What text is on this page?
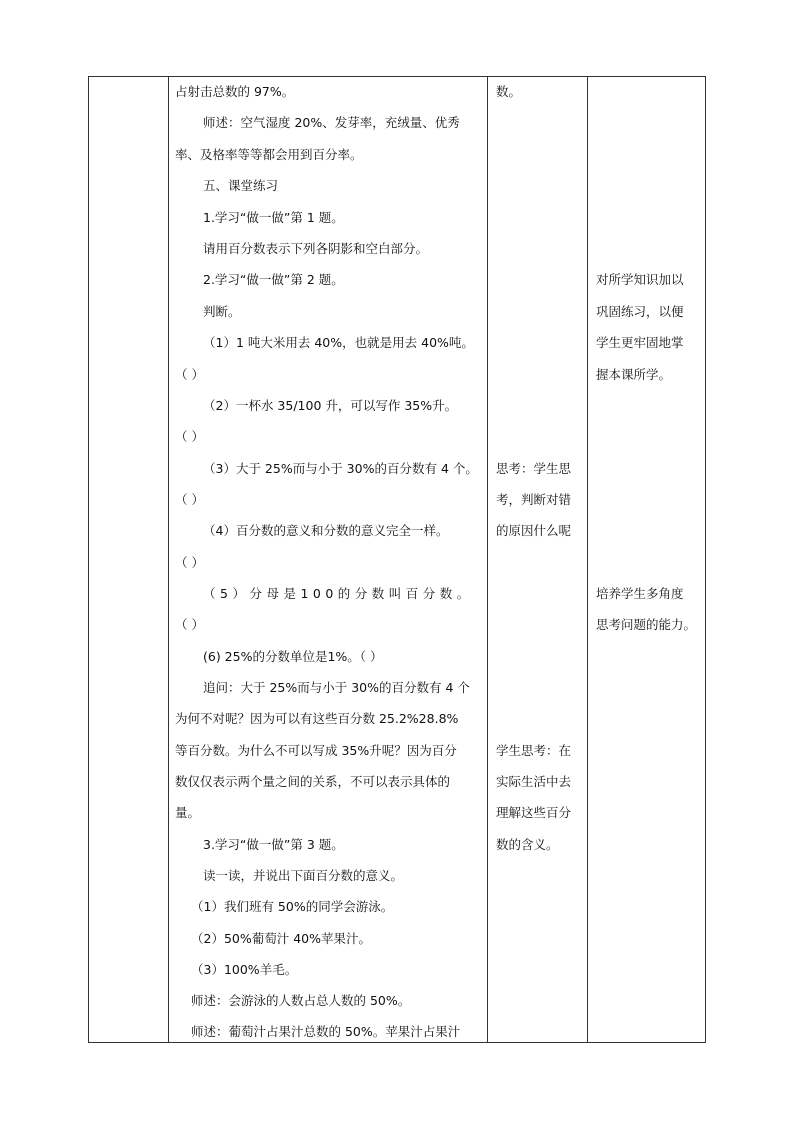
占射击总数的 97%。
师述：空气湿度 20%、发芽率，充绒量、优秀
率、及格率等等都会用到百分率。
五、课堂练习
1.学习“做一做”第 1 题。
请用百分数表示下列各阴影和空白部分。
2.学习“做一做”第 2 题。
判断。
（1）1 吨大米用去 40%，也就是用去 40%吨。
（ ）
（2）一杯水 35/100 升，可以写作 35%升。
（ ）
（3）大于 25%而与小于 30%的百分数有 4 个。
（ ）
（4）百分数的意义和分数的意义完全一样。
（ ）
（5）分母是100的分数叫百分数。
（ ）
(6) 25%的分数单位是1%。（ ）
追问：大于 25%而与小于 30%的百分数有 4 个
为何不对呢？因为可以有这些百分数 25.2%28.8%
等百分数。为什么不可以写成 35%升呢？因为百分
数仅仅表示两个量之间的关系，不可以表示具体的
量。
3.学习“做一做”第 3 题。
读一读，并说出下面百分数的意义。
（1）我们班有 50%的同学会游泳。
（2）50%葡萄汁 40%苹果汁。
（3）100%羊毛。
师述：会游泳的人数占总人数的 50%。
师述：葡萄汁占果汁总数的 50%。苹果汁占果汁
数。
思考：学生思
考，判断对错
的原因什么呢
学生思考：在
实际生活中去
理解这些百分
数的含义。
对所学知识加以
巩固练习，以便
学生更牢固地掌
握本课所学。
培养学生多角度
思考问题的能力。
